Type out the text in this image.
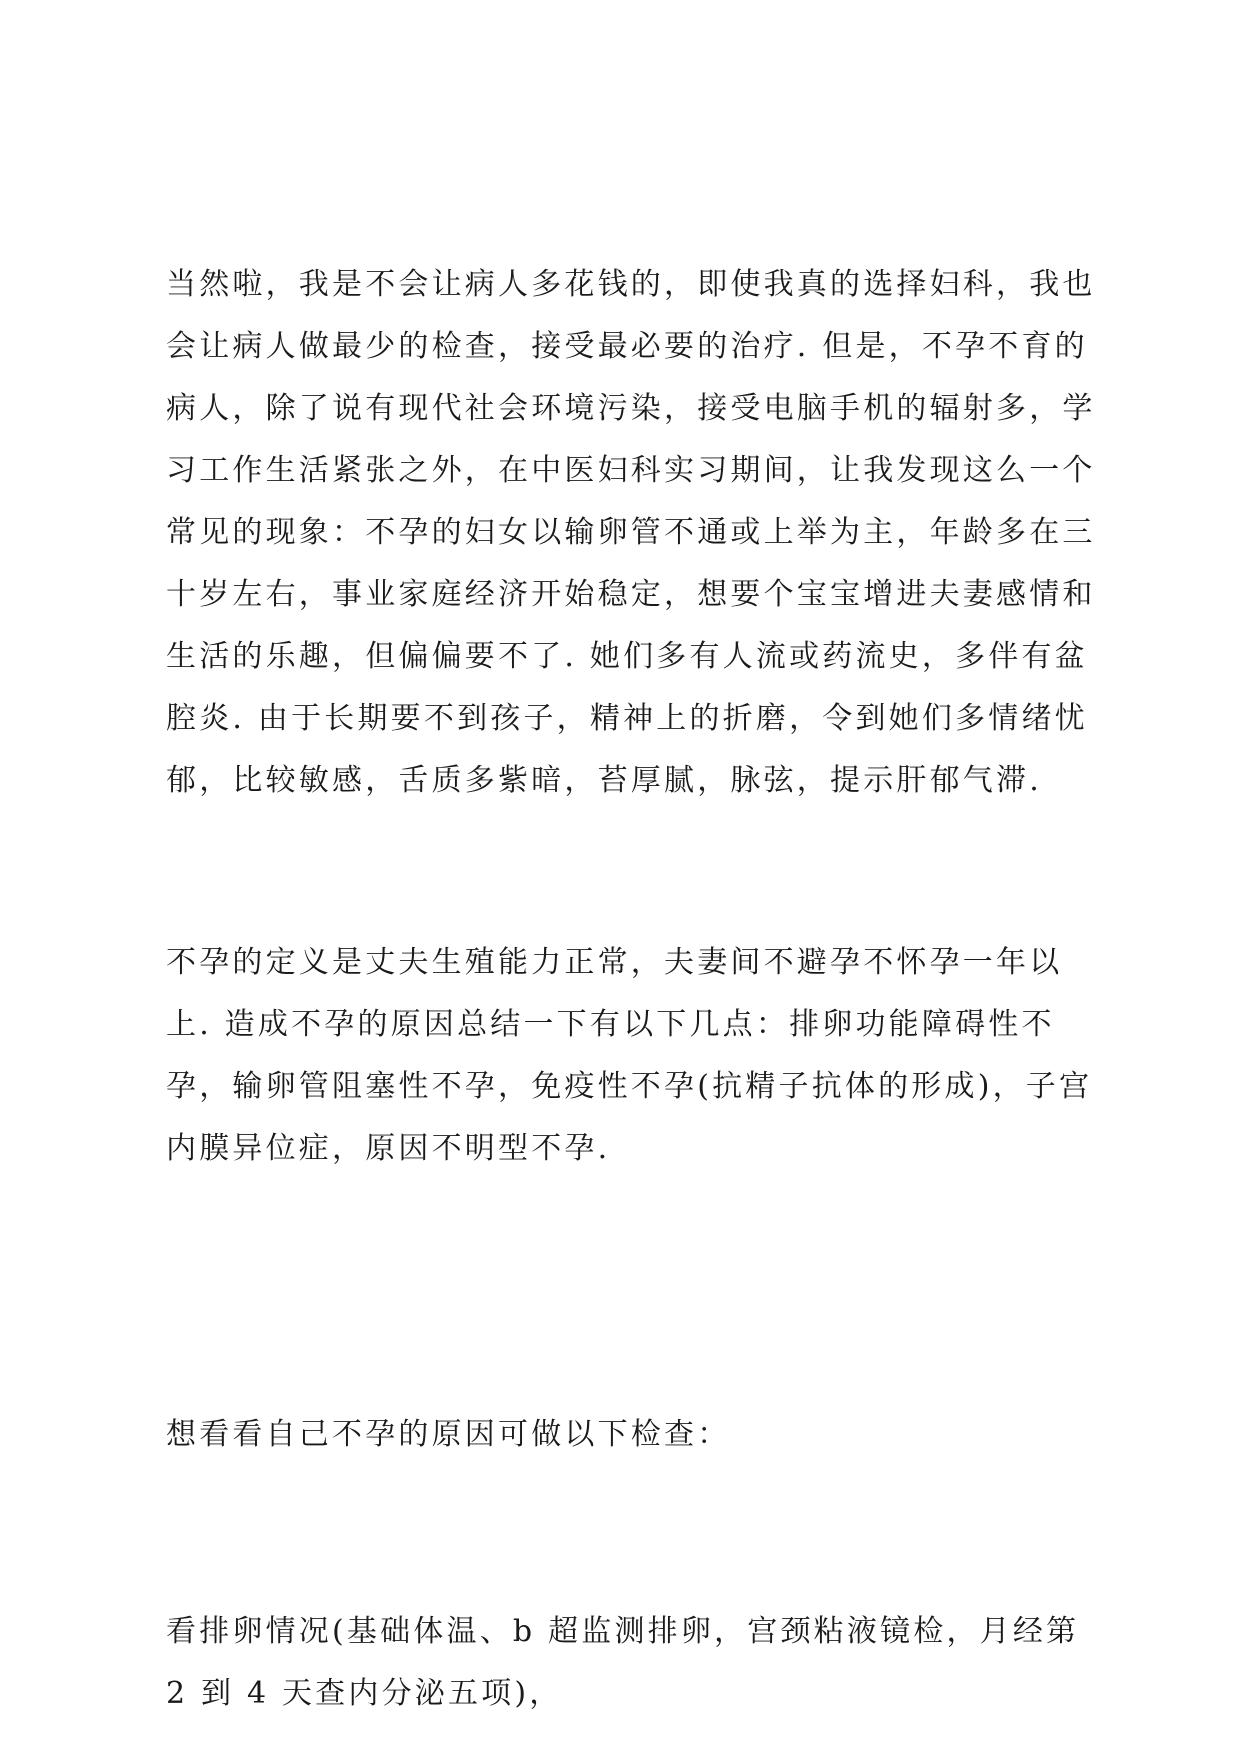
当然啦，我是不会让病人多花钱的，即使我真的选择妇科，我也
会让病人做最少的检查，接受最必要的治疗. 但是，不孕不育的
病人，除了说有现代社会环境污染，接受电脑手机的辐射多，学
习工作生活紧张之外，在中医妇科实习期间，让我发现这么一个
常见的现象：不孕的妇女以输卵管不通或上举为主，年龄多在三
十岁左右，事业家庭经济开始稳定，想要个宝宝增进夫妻感情和
生活的乐趣，但偏偏要不了. 她们多有人流或药流史，多伴有盆
腔炎. 由于长期要不到孩子，精神上的折磨，令到她们多情绪忧
郁，比较敏感，舌质多紫暗，苔厚腻，脉弦，提示肝郁气滞.
不孕的定义是丈夫生殖能力正常，夫妻间不避孕不怀孕一年以
上. 造成不孕的原因总结一下有以下几点：排卵功能障碍性不
孕，输卵管阻塞性不孕，免疫性不孕(抗精子抗体的形成)，子宫
内膜异位症，原因不明型不孕.
想看看自己不孕的原因可做以下检查：
看排卵情况(基础体温、b 超监测排卵，宫颈粘液镜检，月经第
2 到 4 天查内分泌五项)，
